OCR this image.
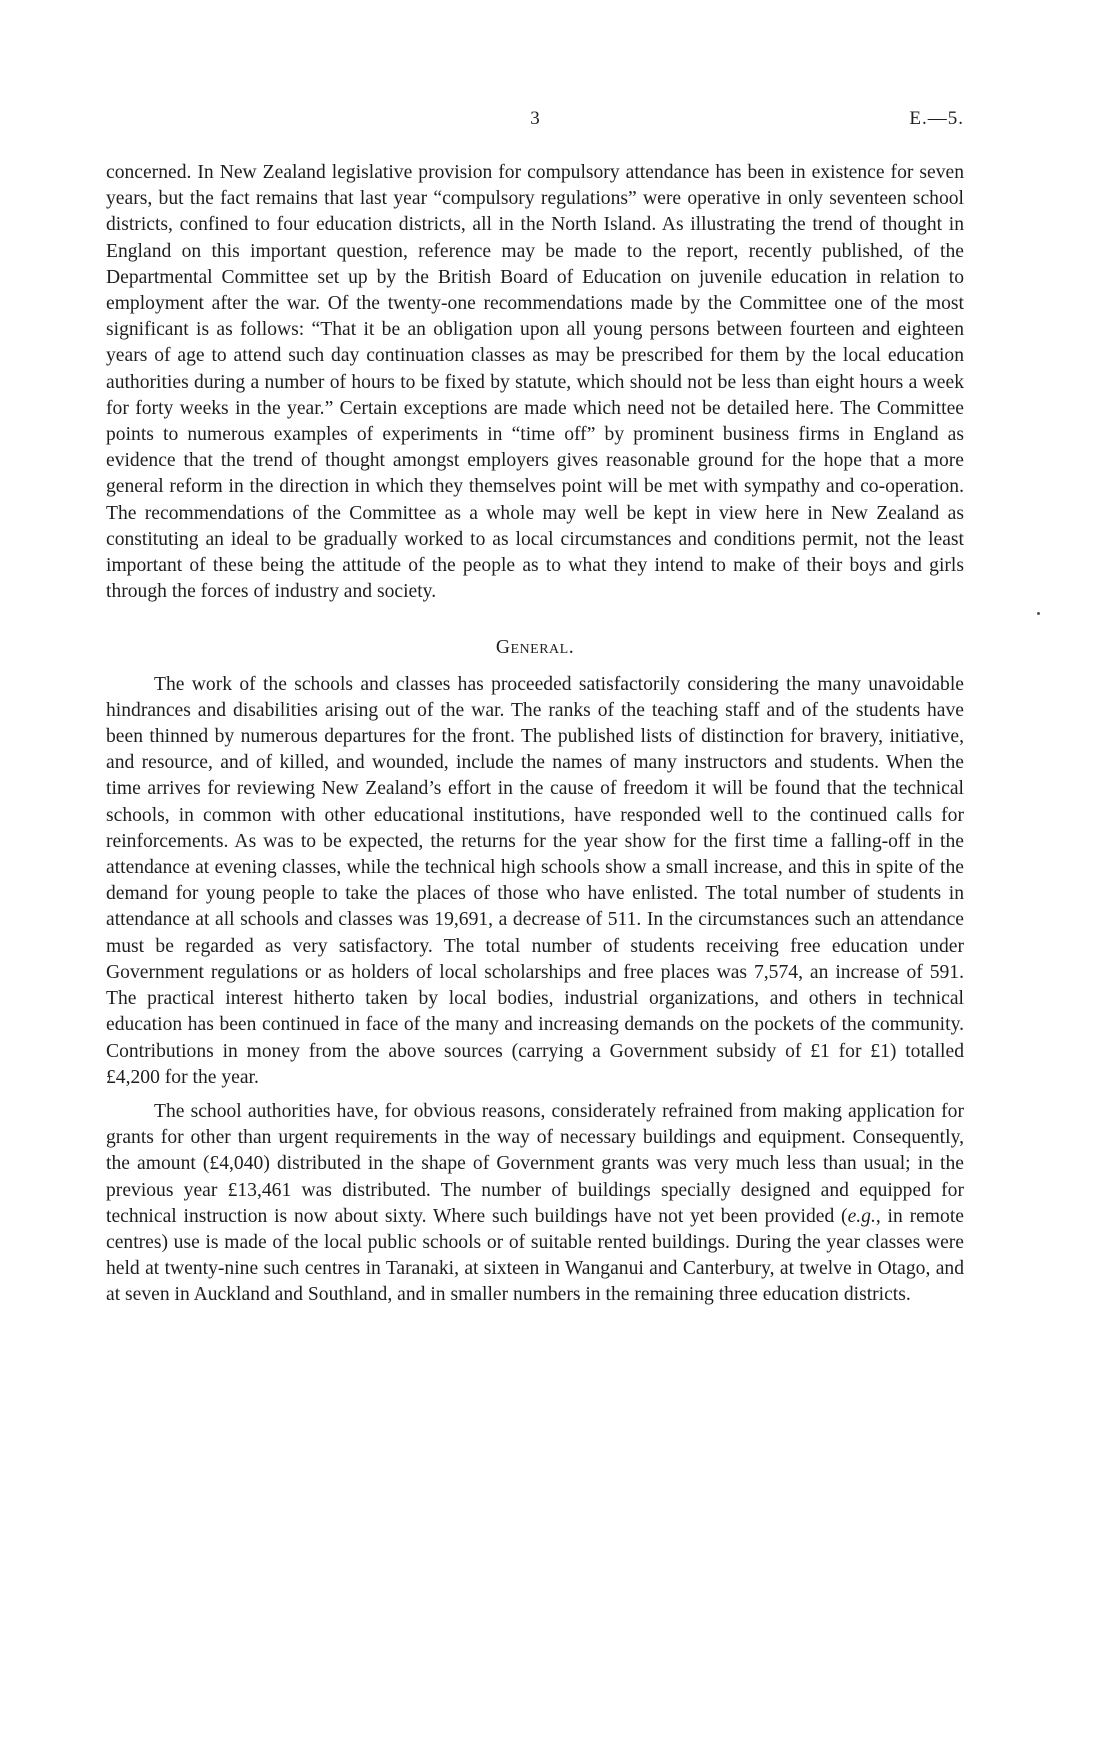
3	E.—5.

concerned. In New Zealand legislative provision for compulsory attendance has been in existence for seven years, but the fact remains that last year “compulsory regulations” were operative in only seventeen school districts, confined to four education districts, all in the North Island. As illustrating the trend of thought in England on this important question, reference may be made to the report, recently published, of the Departmental Committee set up by the British Board of Education on juvenile education in relation to employment after the war. Of the twenty-one recommendations made by the Committee one of the most significant is as follows: “That it be an obligation upon all young persons between fourteen and eighteen years of age to attend such day continuation classes as may be prescribed for them by the local education authorities during a number of hours to be fixed by statute, which should not be less than eight hours a week for forty weeks in the year.” Certain exceptions are made which need not be detailed here. The Committee points to numerous examples of experiments in “time off” by prominent business firms in England as evidence that the trend of thought amongst employers gives reasonable ground for the hope that a more general reform in the direction in which they themselves point will be met with sympathy and co-operation. The recommendations of the Committee as a whole may well be kept in view here in New Zealand as constituting an ideal to be gradually worked to as local circumstances and conditions permit, not the least important of these being the attitude of the people as to what they intend to make of their boys and girls through the forces of industry and society.

General.

The work of the schools and classes has proceeded satisfactorily considering the many unavoidable hindrances and disabilities arising out of the war. The ranks of the teaching staff and of the students have been thinned by numerous departures for the front. The published lists of distinction for bravery, initiative, and resource, and of killed, and wounded, include the names of many instructors and students. When the time arrives for reviewing New Zealand’s effort in the cause of freedom it will be found that the technical schools, in common with other educational institutions, have responded well to the continued calls for reinforcements. As was to be expected, the returns for the year show for the first time a falling-off in the attendance at evening classes, while the technical high schools show a small increase, and this in spite of the demand for young people to take the places of those who have enlisted. The total number of students in attendance at all schools and classes was 19,691, a decrease of 511. In the circumstances such an attendance must be regarded as very satisfactory. The total number of students receiving free education under Government regulations or as holders of local scholarships and free places was 7,574, an increase of 591. The practical interest hitherto taken by local bodies, industrial organizations, and others in technical education has been continued in face of the many and increasing demands on the pockets of the community. Contributions in money from the above sources (carrying a Government subsidy of £1 for £1) totalled £4,200 for the year.

The school authorities have, for obvious reasons, considerately refrained from making application for grants for other than urgent requirements in the way of necessary buildings and equipment. Consequently, the amount (£4,040) distributed in the shape of Government grants was very much less than usual; in the previous year £13,461 was distributed. The number of buildings specially designed and equipped for technical instruction is now about sixty. Where such buildings have not yet been provided (e.g., in remote centres) use is made of the local public schools or of suitable rented buildings. During the year classes were held at twenty-nine such centres in Taranaki, at sixteen in Wanganui and Canterbury, at twelve in Otago, and at seven in Auckland and Southland, and in smaller numbers in the remaining three education districts.
